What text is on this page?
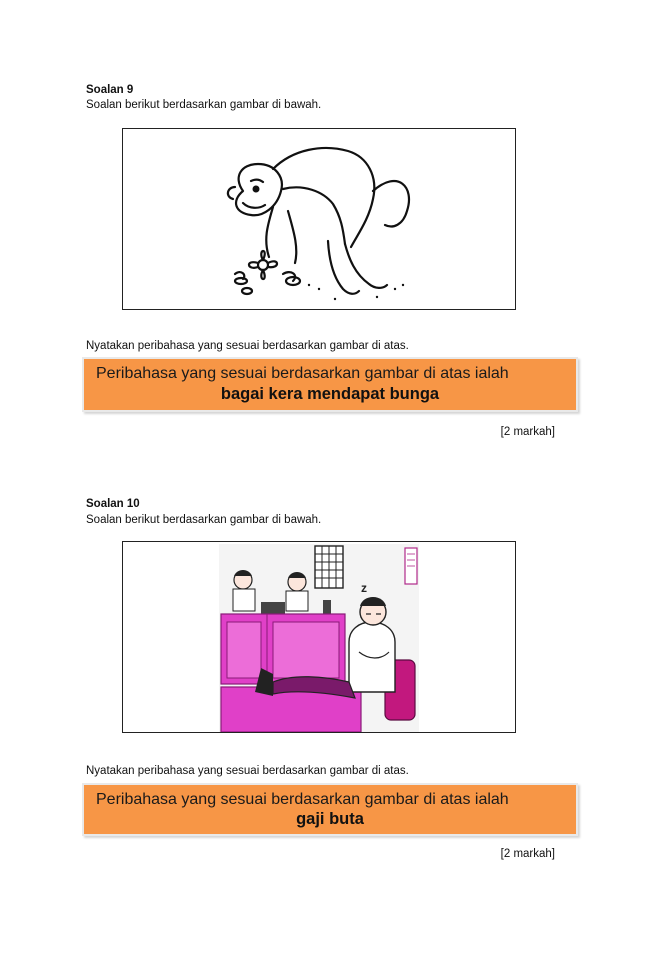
Soalan 9
Soalan berikut berdasarkan gambar di bawah.
Nyatakan peribahasa yang sesuai berdasarkan gambar di atas.
Peribahasa yang sesuai berdasarkan gambar di atas ialah
bagai kera mendapat bunga
[2 markah]
Soalan 10
Soalan berikut berdasarkan gambar di bawah.
z
Nyatakan peribahasa yang sesuai berdasarkan gambar di atas.
Peribahasa yang sesuai berdasarkan gambar di atas ialah
gaji buta
[2 markah]
